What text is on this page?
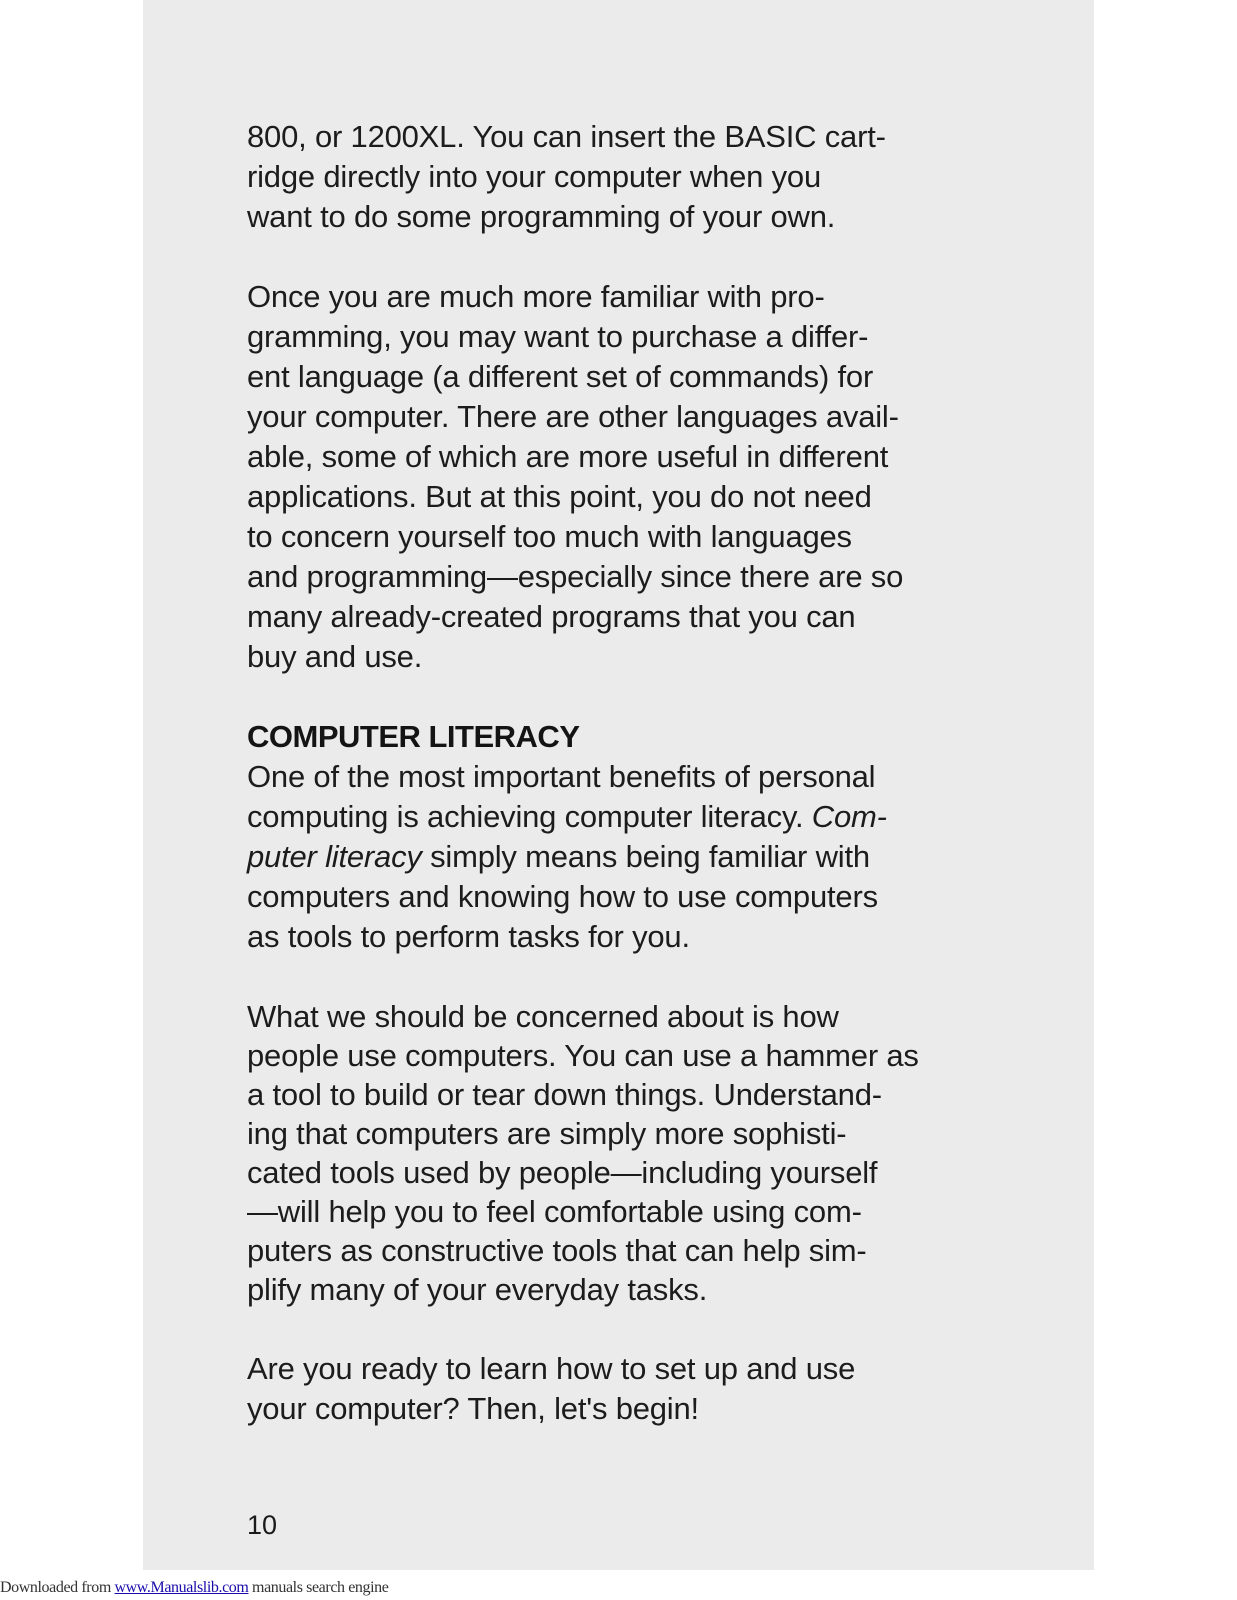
800, or 1200XL. You can insert the BASIC cart-
ridge directly into your computer when you
want to do some programming of your own.
Once you are much more familiar with pro-
gramming, you may want to purchase a differ-
ent language (a different set of commands) for
your computer. There are other languages avail-
able, some of which are more useful in different
applications. But at this point, you do not need
to concern yourself too much with languages
and programming—especially since there are so
many already-created programs that you can
buy and use.
COMPUTER LITERACY
One of the most important benefits of personal
computing is achieving computer literacy. Com-
puter literacy simply means being familiar with
computers and knowing how to use computers
as tools to perform tasks for you.
What we should be concerned about is how
people use computers. You can use a hammer as
a tool to build or tear down things. Understand-
ing that computers are simply more sophisti-
cated tools used by people—including yourself
—will help you to feel comfortable using com-
puters as constructive tools that can help sim-
plify many of your everyday tasks.
Are you ready to learn how to set up and use
your computer? Then, let's begin!
10
Downloaded from www.Manualslib.com manuals search engine
